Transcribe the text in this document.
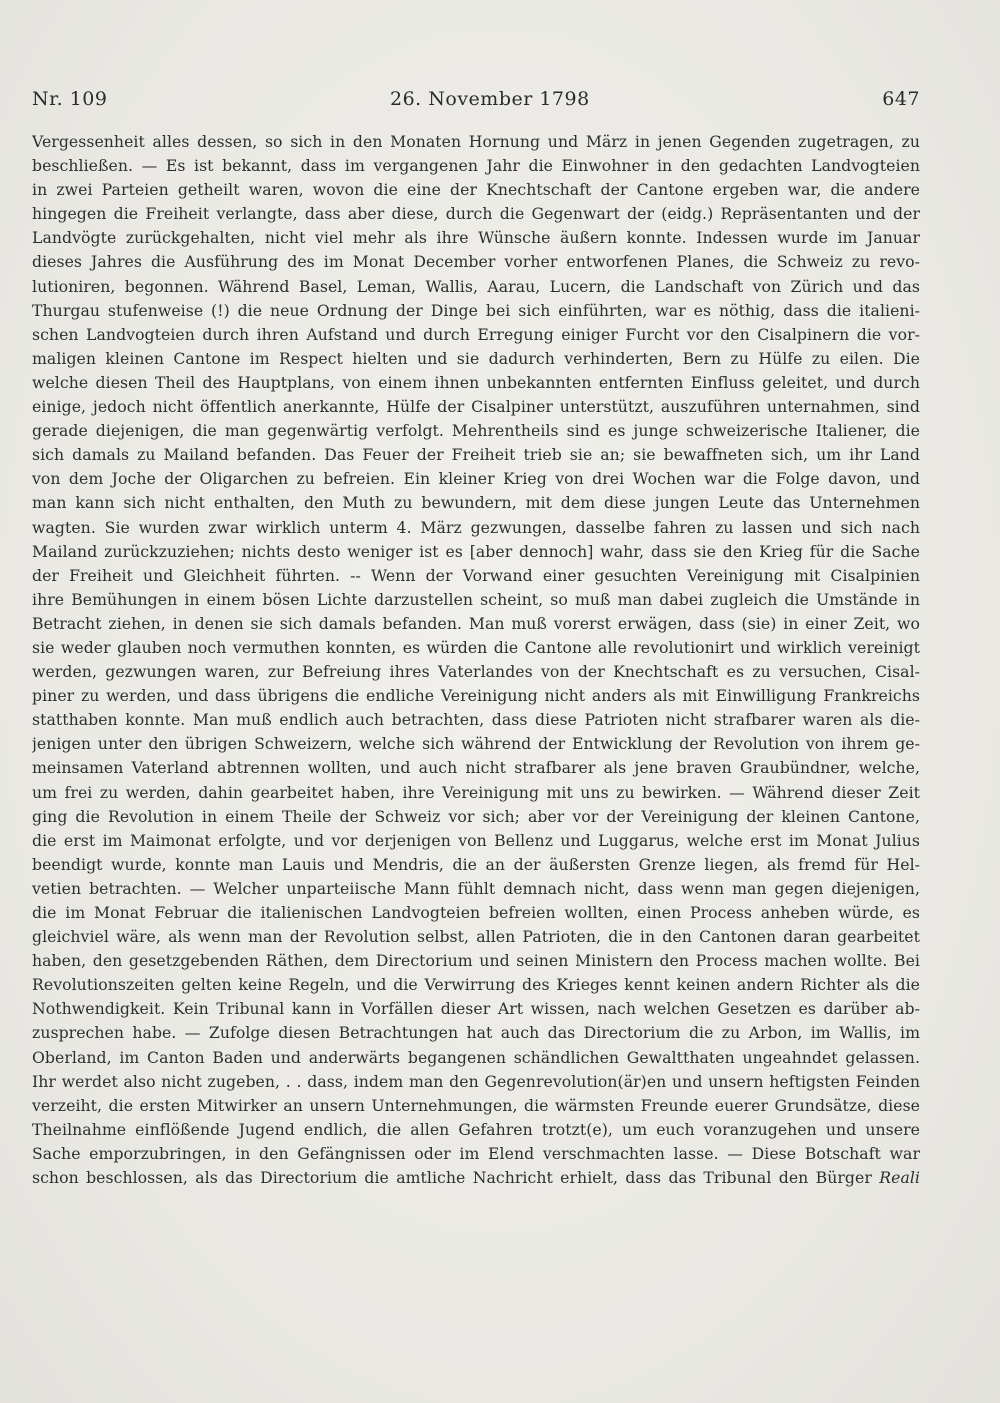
Nr. 109	26. November 1798	647
Vergessenheit alles dessen, so sich in den Monaten Hornung und März in jenen Gegenden zugetragen, zu
beschließen. — Es ist bekannt, dass im vergangenen Jahr die Einwohner in den gedachten Landvogteien
in zwei Parteien getheilt waren, wovon die eine der Knechtschaft der Cantone ergeben war, die andere
hingegen die Freiheit verlangte, dass aber diese, durch die Gegenwart der (eidg.) Repräsentanten und der
Landvögte zurückgehalten, nicht viel mehr als ihre Wünsche äußern konnte. Indessen wurde im Januar
dieses Jahres die Ausführung des im Monat December vorher entworfenen Planes, die Schweiz zu revo-
lutioniren, begonnen. Während Basel, Leman, Wallis, Aarau, Lucern, die Landschaft von Zürich und das
Thurgau stufenweise (!) die neue Ordnung der Dinge bei sich einführten, war es nöthig, dass die italieni-
schen Landvogteien durch ihren Aufstand und durch Erregung einiger Furcht vor den Cisalpinern die vor-
maligen kleinen Cantone im Respect hielten und sie dadurch verhinderten, Bern zu Hülfe zu eilen. Die
welche diesen Theil des Hauptplans, von einem ihnen unbekannten entfernten Einfluss geleitet, und durch
einige, jedoch nicht öffentlich anerkannte, Hülfe der Cisalpiner unterstützt, auszuführen unternahmen, sind
gerade diejenigen, die man gegenwärtig verfolgt. Mehrentheils sind es junge schweizerische Italiener, die
sich damals zu Mailand befanden. Das Feuer der Freiheit trieb sie an; sie bewaffneten sich, um ihr Land
von dem Joche der Oligarchen zu befreien. Ein kleiner Krieg von drei Wochen war die Folge davon, und
man kann sich nicht enthalten, den Muth zu bewundern, mit dem diese jungen Leute das Unternehmen
wagten. Sie wurden zwar wirklich unterm 4. März gezwungen, dasselbe fahren zu lassen und sich nach
Mailand zurückzuziehen; nichts desto weniger ist es [aber dennoch] wahr, dass sie den Krieg für die Sache
der Freiheit und Gleichheit führten. -- Wenn der Vorwand einer gesuchten Vereinigung mit Cisalpinien
ihre Bemühungen in einem bösen Lichte darzustellen scheint, so muß man dabei zugleich die Umstände in
Betracht ziehen, in denen sie sich damals befanden. Man muß vorerst erwägen, dass (sie) in einer Zeit, wo
sie weder glauben noch vermuthen konnten, es würden die Cantone alle revolutionirt und wirklich vereinigt
werden, gezwungen waren, zur Befreiung ihres Vaterlandes von der Knechtschaft es zu versuchen, Cisal-
piner zu werden, und dass übrigens die endliche Vereinigung nicht anders als mit Einwilligung Frankreichs
statthaben konnte. Man muß endlich auch betrachten, dass diese Patrioten nicht strafbarer waren als die-
jenigen unter den übrigen Schweizern, welche sich während der Entwicklung der Revolution von ihrem ge-
meinsamen Vaterland abtrennen wollten, und auch nicht strafbarer als jene braven Graubündner, welche,
um frei zu werden, dahin gearbeitet haben, ihre Vereinigung mit uns zu bewirken. — Während dieser Zeit
ging die Revolution in einem Theile der Schweiz vor sich; aber vor der Vereinigung der kleinen Cantone,
die erst im Maimonat erfolgte, und vor derjenigen von Bellenz und Luggarus, welche erst im Monat Julius
beendigt wurde, konnte man Lauis und Mendris, die an der äußersten Grenze liegen, als fremd für Hel-
vetien betrachten. — Welcher unparteiische Mann fühlt demnach nicht, dass wenn man gegen diejenigen,
die im Monat Februar die italienischen Landvogteien befreien wollten, einen Process anheben würde, es
gleichviel wäre, als wenn man der Revolution selbst, allen Patrioten, die in den Cantonen daran gearbeitet
haben, den gesetzgebenden Räthen, dem Directorium und seinen Ministern den Process machen wollte. Bei
Revolutionszeiten gelten keine Regeln, und die Verwirrung des Krieges kennt keinen andern Richter als die
Nothwendigkeit. Kein Tribunal kann in Vorfällen dieser Art wissen, nach welchen Gesetzen es darüber ab-
zusprechen habe. — Zufolge diesen Betrachtungen hat auch das Directorium die zu Arbon, im Wallis, im
Oberland, im Canton Baden und anderwärts begangenen schändlichen Gewaltthaten ungeahndet gelassen.
Ihr werdet also nicht zugeben, . . dass, indem man den Gegenrevolution(är)en und unsern heftigsten Feinden
verzeiht, die ersten Mitwirker an unsern Unternehmungen, die wärmsten Freunde euerer Grundsätze, diese
Theilnahme einflößende Jugend endlich, die allen Gefahren trotzt(e), um euch voranzugehen und unsere
Sache emporzubringen, in den Gefängnissen oder im Elend verschmachten lasse. — Diese Botschaft war
schon beschlossen, als das Directorium die amtliche Nachricht erhielt, dass das Tribunal den Bürger Reali
